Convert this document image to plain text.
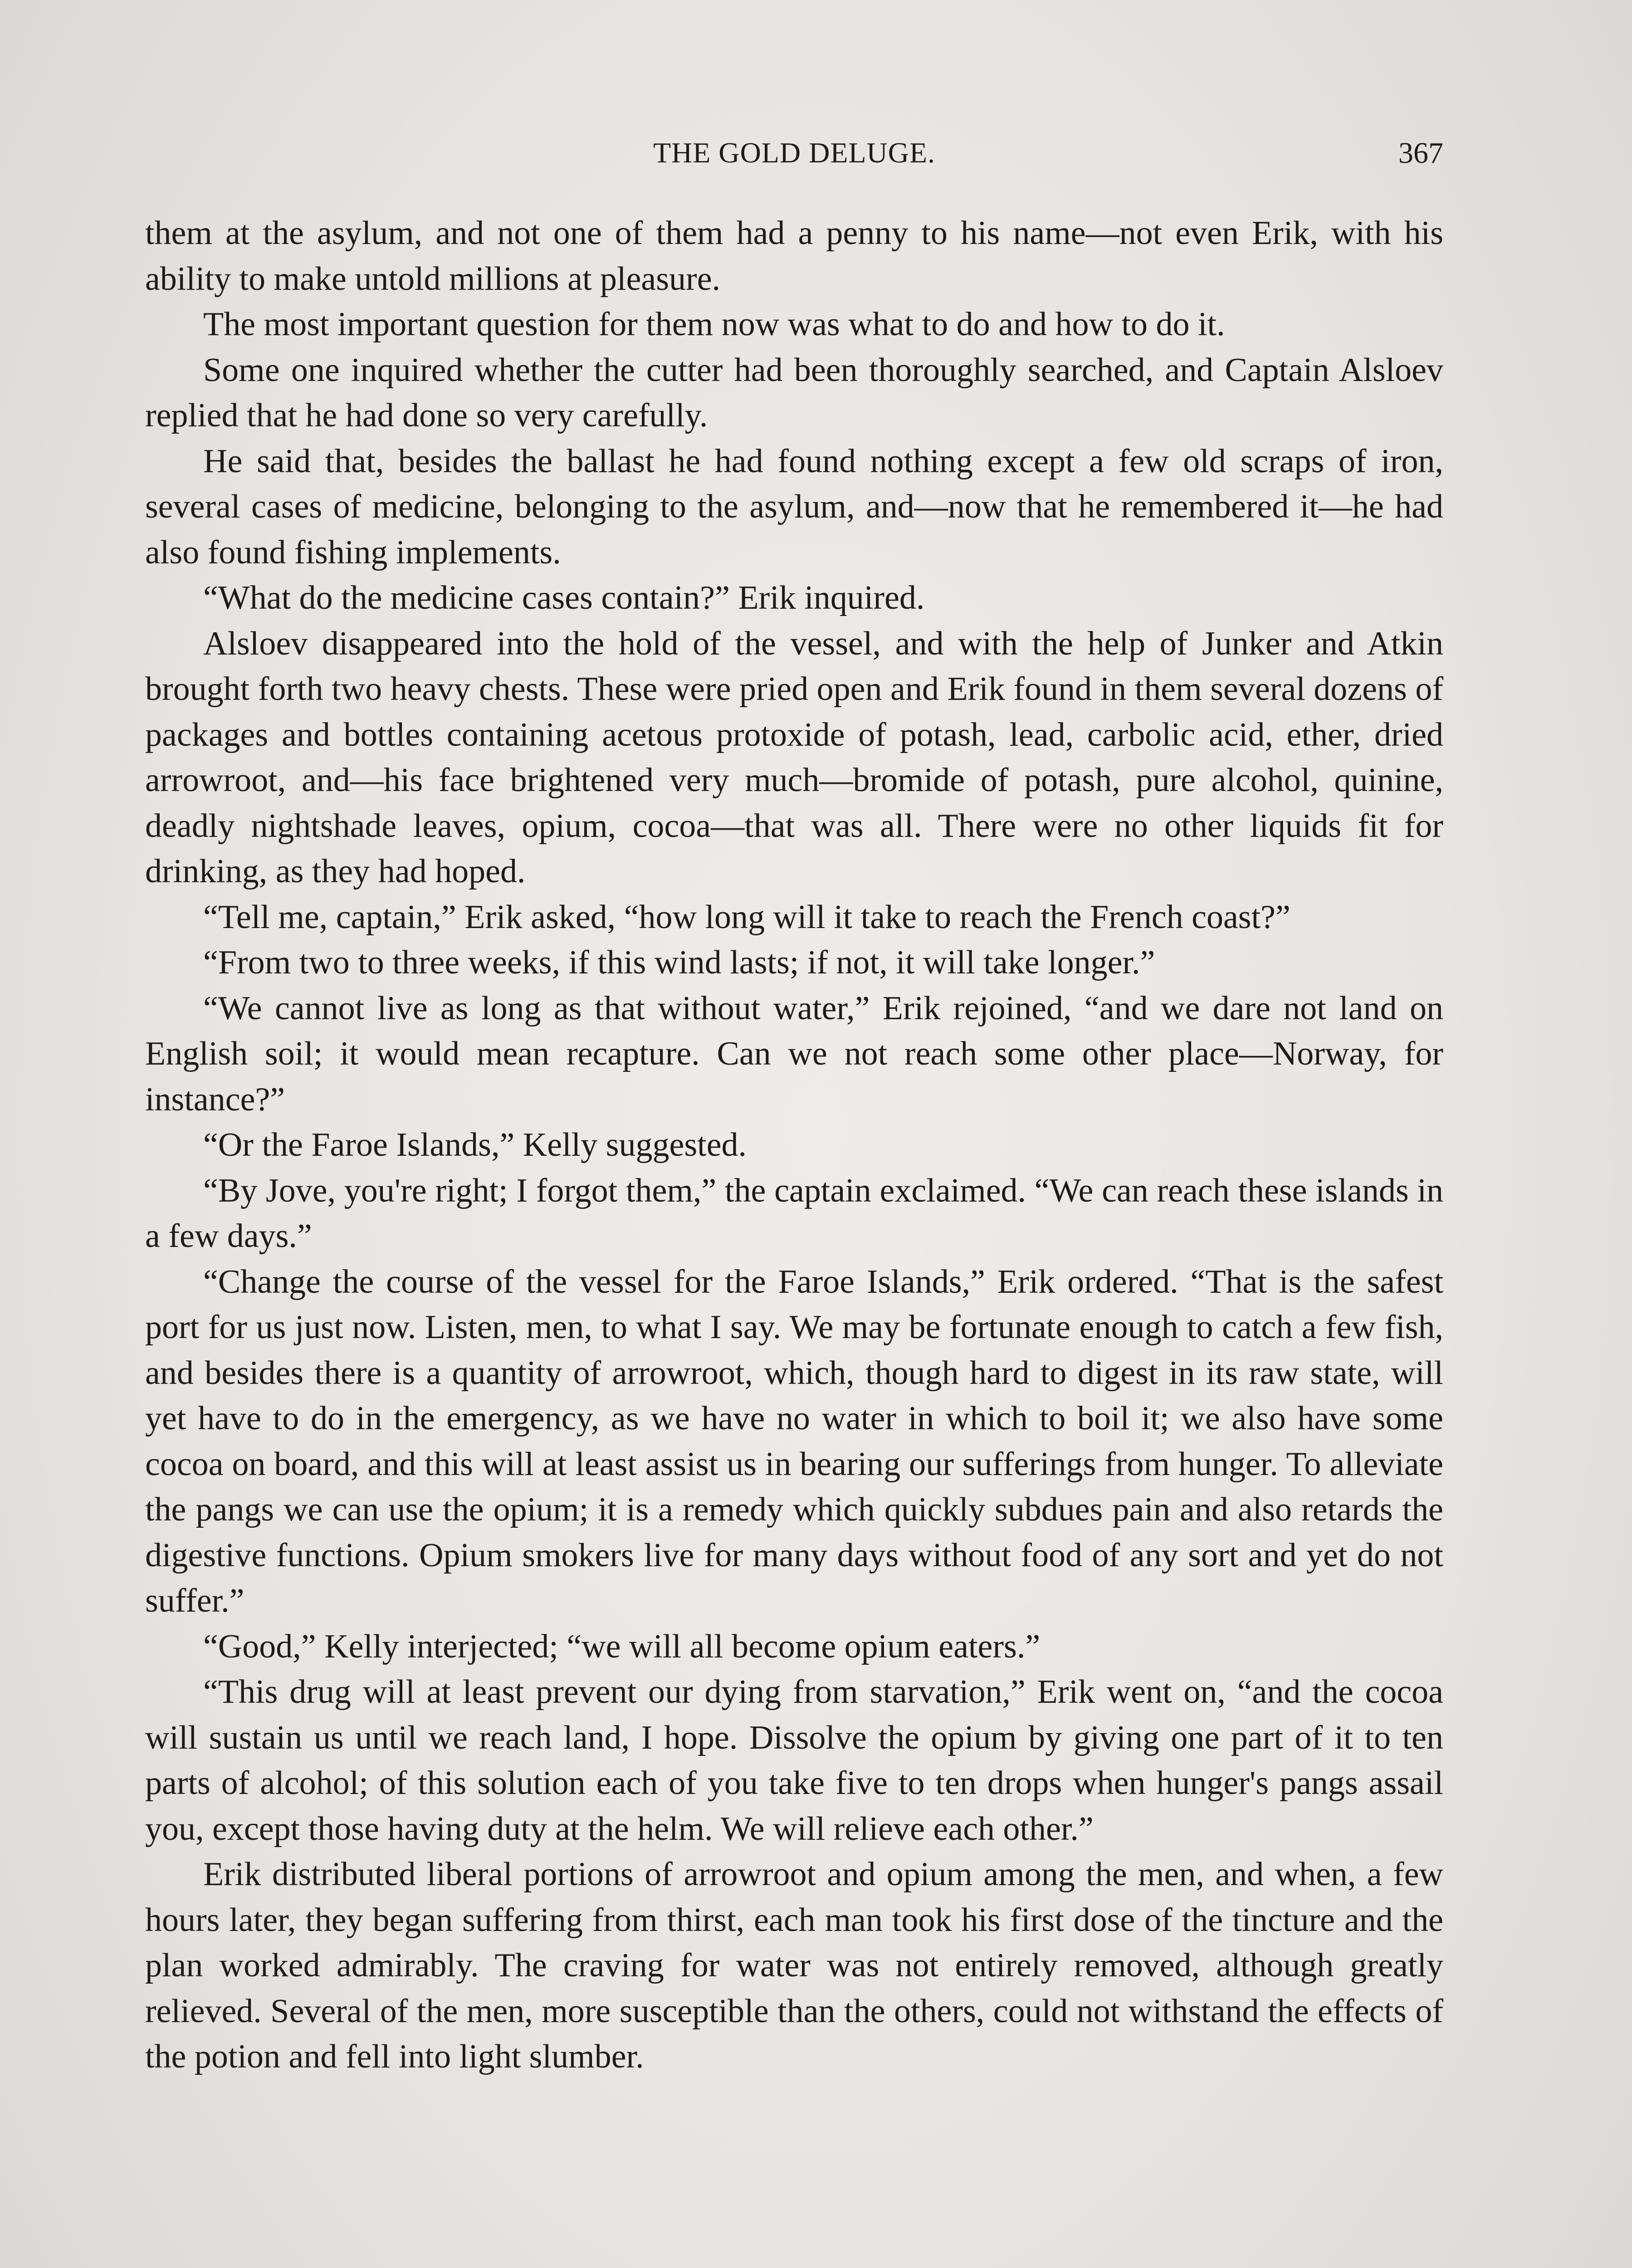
THE GOLD DELUGE.	367

them at the asylum, and not one of them had a penny to his name—not even Erik, with his ability to make untold millions at pleasure.

The most important question for them now was what to do and how to do it.

Some one inquired whether the cutter had been thoroughly searched, and Captain Alsloev replied that he had done so very carefully.

He said that, besides the ballast he had found nothing except a few old scraps of iron, several cases of medicine, belonging to the asylum, and—now that he remembered it—he had also found fishing implements.

“What do the medicine cases contain?” Erik inquired.

Alsloev disappeared into the hold of the vessel, and with the help of Junker and Atkin brought forth two heavy chests. These were pried open and Erik found in them several dozens of packages and bottles containing acetous protoxide of potash, lead, carbolic acid, ether, dried arrowroot, and—his face brightened very much—bromide of potash, pure alcohol, quinine, deadly nightshade leaves, opium, cocoa—that was all. There were no other liquids fit for drinking, as they had hoped.

“Tell me, captain,” Erik asked, “how long will it take to reach the French coast?”

“From two to three weeks, if this wind lasts; if not, it will take longer.”

“We cannot live as long as that without water,” Erik rejoined, “and we dare not land on English soil; it would mean recapture. Can we not reach some other place—Norway, for instance?”

“Or the Faroe Islands,” Kelly suggested.

“By Jove, you're right; I forgot them,” the captain exclaimed. “We can reach these islands in a few days.”

“Change the course of the vessel for the Faroe Islands,” Erik ordered. “That is the safest port for us just now. Listen, men, to what I say. We may be fortunate enough to catch a few fish, and besides there is a quantity of arrowroot, which, though hard to digest in its raw state, will yet have to do in the emergency, as we have no water in which to boil it; we also have some cocoa on board, and this will at least assist us in bearing our sufferings from hunger. To alleviate the pangs we can use the opium; it is a remedy which quickly subdues pain and also retards the digestive functions. Opium smokers live for many days without food of any sort and yet do not suffer.”

“Good,” Kelly interjected; “we will all become opium eaters.”

“This drug will at least prevent our dying from starvation,” Erik went on, “and the cocoa will sustain us until we reach land, I hope. Dissolve the opium by giving one part of it to ten parts of alcohol; of this solution each of you take five to ten drops when hunger's pangs assail you, except those having duty at the helm. We will relieve each other.”

Erik distributed liberal portions of arrowroot and opium among the men, and when, a few hours later, they began suffering from thirst, each man took his first dose of the tincture and the plan worked admirably. The craving for water was not entirely removed, although greatly relieved. Several of the men, more susceptible than the others, could not withstand the effects of the potion and fell into light slumber.
